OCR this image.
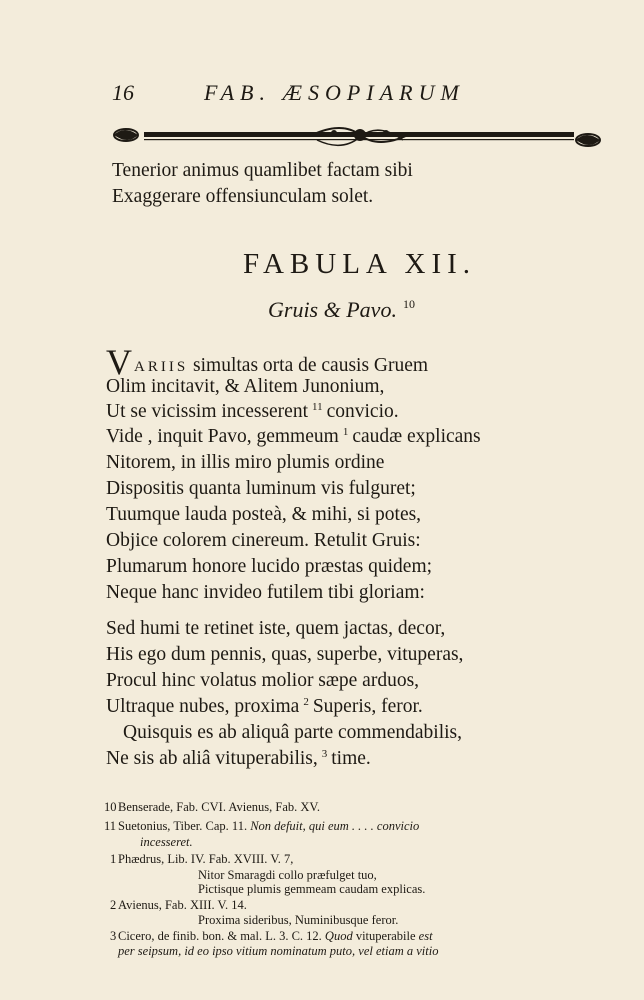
16	FAB. ÆSOPIARUM
Tenerior animus quamlibet factam sibi
Exaggerare offensiunculam solet.
FABULA XII.
Gruis & Pavo. $^{10}$
VARIIS simultas orta de causis Gruem
Olim incitavit, & Alitem Junonium,
Ut se vicissim incesserent $^{11}$ convicio.
Vide , inquit Pavo, gemmeum $^1$ caudæ explicans
Nitorem, in illis miro plumis ordine
Dispositis quanta luminum vis fulguret;
Tuumque lauda posteà, & mihi, si potes,
Objice colorem cinereum. Retulit Gruis:
Plumarum honore lucido præstas quidem;
Neque hanc invideo futilem tibi gloriam:
Sed humi te retinet iste, quem jactas, decor,
His ego dum pennis, quas, superbe, vituperas,
Procul hinc volatus molior sæpe arduos,
Ultraque nubes, proxima $^2$ Superis, feror.
Quisquis es ab aliquâ parte commendabilis,
Ne sis ab aliâ vituperabilis, $^3$ time.
10 Benserade, Fab. CVI. Avienus, Fab. XV.
11 Suetonius, Tiber. Cap. 11. Non defuit, qui eum . . . . convicio
incesseret.
1 Phædrus, Lib. IV. Fab. XVIII. V. 7,
Nitor Smaragdi collo præfulget tuo,
Pictisque plumis gemmeam caudam explicas.
2 Avienus, Fab. XIII. V. 14.
Proxima sideribus, Numinibusque feror.
3 Cicero, de finib. bon. & mal. L. 3. C. 12. Quod vituperabile est
per seipsum, id eo ipso vitium nominatum puto, vel etiam a vitio
